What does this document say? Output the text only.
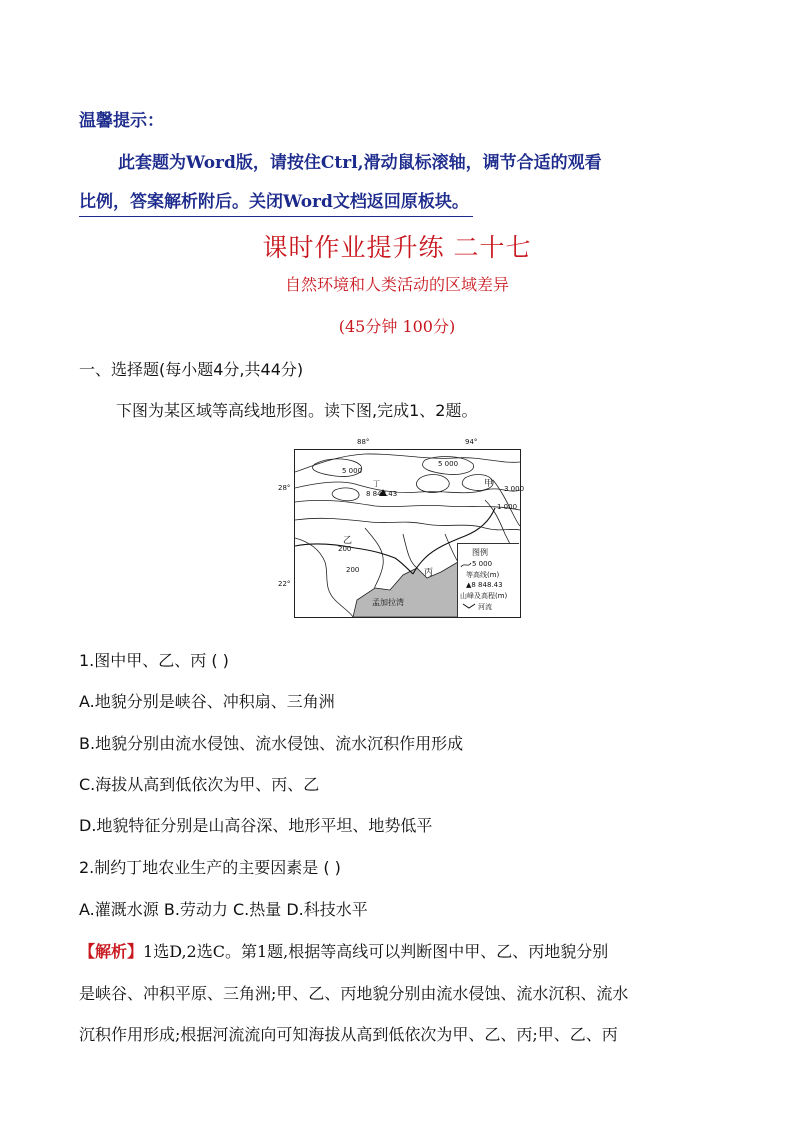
温馨提示：
此套题为Word版，请按住Ctrl,滑动鼠标滚轴，调节合适的观看
比例，答案解析附后。关闭Word文档返回原板块。
课时作业提升练 二十七
自然环境和人类活动的区域差异
(45分钟 100分)
一、选择题(每小题4分,共44分)
下图为某区域等高线地形图。读下图,完成1、2题。
88°	94°
28°
22°
5 000
5 000
3 000
1 000
200
200
丁
8 848.43
甲
乙
丙
孟加拉湾
图例
5 000
等高线(m)
▲8 848.43
山峰及高程(m)
河流
1.图中甲、乙、丙 ( )
A.地貌分别是峡谷、冲积扇、三角洲
B.地貌分别由流水侵蚀、流水侵蚀、流水沉积作用形成
C.海拔从高到低依次为甲、丙、乙
D.地貌特征分别是山高谷深、地形平坦、地势低平
2.制约丁地农业生产的主要因素是 ( )
A.灌溉水源 B.劳动力 C.热量 D.科技水平
【解析】1选D,2选C。第1题,根据等高线可以判断图中甲、乙、丙地貌分别
是峡谷、冲积平原、三角洲;甲、乙、丙地貌分别由流水侵蚀、流水沉积、流水
沉积作用形成;根据河流流向可知海拔从高到低依次为甲、乙、丙;甲、乙、丙
